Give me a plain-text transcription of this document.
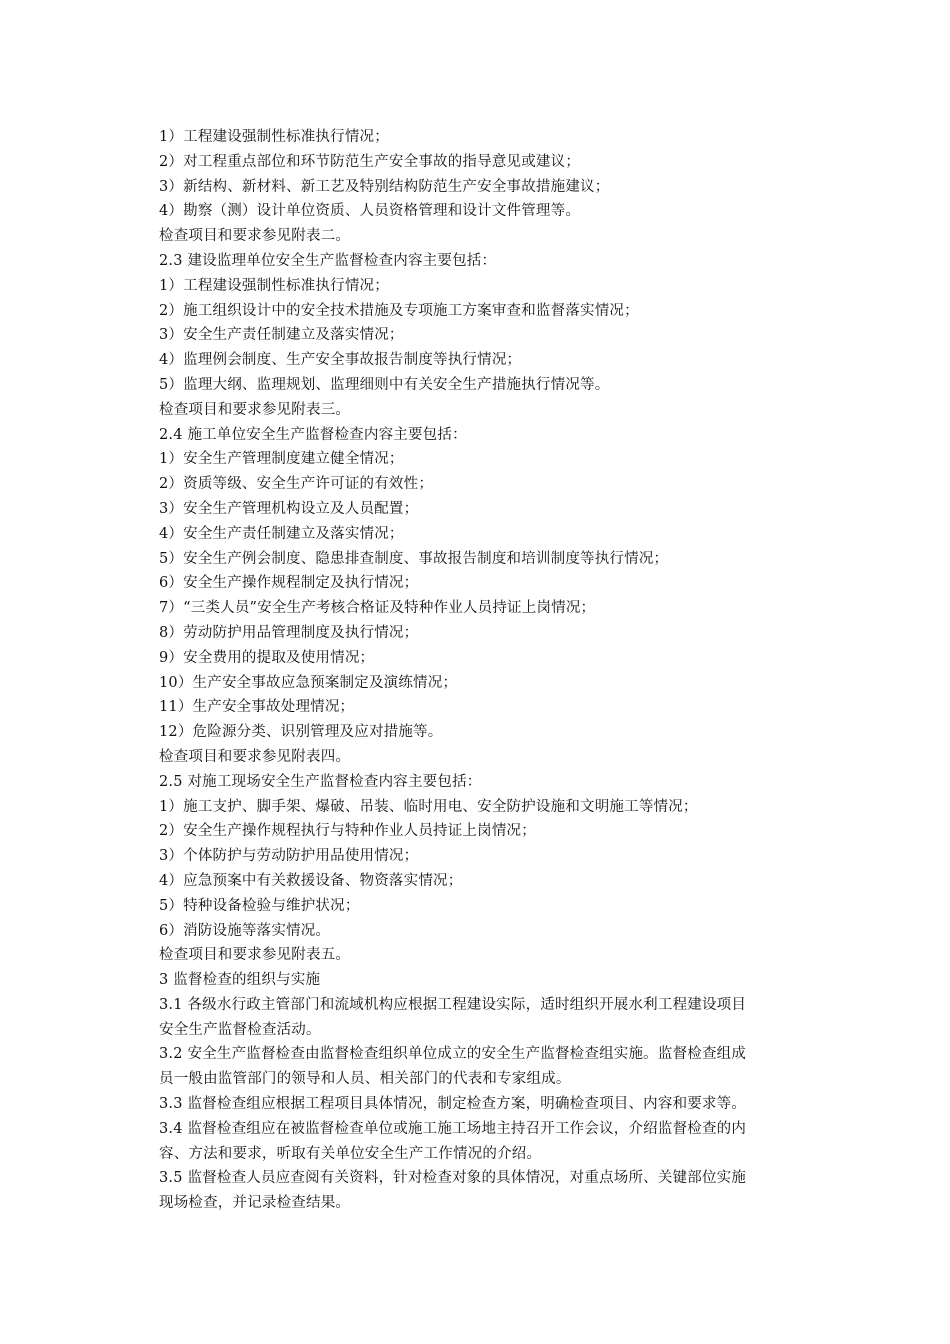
1）工程建设强制性标准执行情况；
2）对工程重点部位和环节防范生产安全事故的指导意见或建议；
3）新结构、新材料、新工艺及特别结构防范生产安全事故措施建议；
4）勘察（测）设计单位资质、人员资格管理和设计文件管理等。
检查项目和要求参见附表二。
2.3 建设监理单位安全生产监督检查内容主要包括：
1）工程建设强制性标准执行情况；
2）施工组织设计中的安全技术措施及专项施工方案审查和监督落实情况；
3）安全生产责任制建立及落实情况；
4）监理例会制度、生产安全事故报告制度等执行情况；
5）监理大纲、监理规划、监理细则中有关安全生产措施执行情况等。
检查项目和要求参见附表三。
2.4 施工单位安全生产监督检查内容主要包括：
1）安全生产管理制度建立健全情况；
2）资质等级、安全生产许可证的有效性；
3）安全生产管理机构设立及人员配置；
4）安全生产责任制建立及落实情况；
5）安全生产例会制度、隐患排查制度、事故报告制度和培训制度等执行情况；
6）安全生产操作规程制定及执行情况；
7）“三类人员”安全生产考核合格证及特种作业人员持证上岗情况；
8）劳动防护用品管理制度及执行情况；
9）安全费用的提取及使用情况；
10）生产安全事故应急预案制定及演练情况；
11）生产安全事故处理情况；
12）危险源分类、识别管理及应对措施等。
检查项目和要求参见附表四。
2.5 对施工现场安全生产监督检查内容主要包括：
1）施工支护、脚手架、爆破、吊装、临时用电、安全防护设施和文明施工等情况；
2）安全生产操作规程执行与特种作业人员持证上岗情况；
3）个体防护与劳动防护用品使用情况；
4）应急预案中有关救援设备、物资落实情况；
5）特种设备检验与维护状况；
6）消防设施等落实情况。
检查项目和要求参见附表五。
3 监督检查的组织与实施
3.1 各级水行政主管部门和流域机构应根据工程建设实际，适时组织开展水利工程建设项目
安全生产监督检查活动。
3.2 安全生产监督检查由监督检查组织单位成立的安全生产监督检查组实施。监督检查组成
员一般由监管部门的领导和人员、相关部门的代表和专家组成。
3.3 监督检查组应根据工程项目具体情况，制定检查方案，明确检查项目、内容和要求等。
3.4 监督检查组应在被监督检查单位或施工施工场地主持召开工作会议，介绍监督检查的内
容、方法和要求，听取有关单位安全生产工作情况的介绍。
3.5 监督检查人员应查阅有关资料，针对检查对象的具体情况，对重点场所、关键部位实施
现场检查，并记录检查结果。
